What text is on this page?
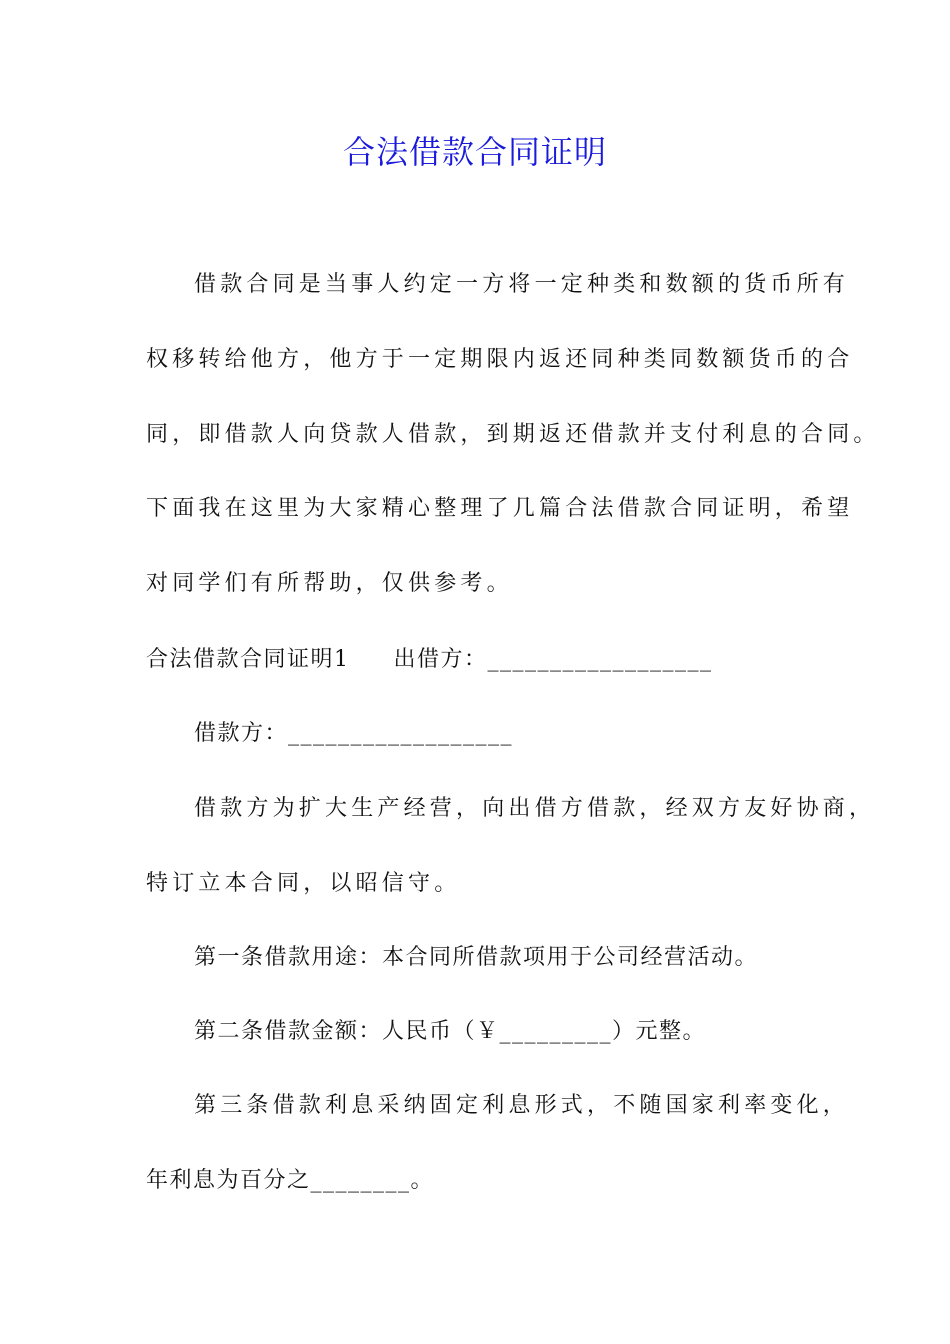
合法借款合同证明
借款合同是当事人约定一方将一定种类和数额的货币所有
权移转给他方，他方于一定期限内返还同种类同数额货币的合
同，即借款人向贷款人借款，到期返还借款并支付利息的合同。
下面我在这里为大家精心整理了几篇合法借款合同证明，希望
对同学们有所帮助，仅供参考。
合法借款合同证明1 出借方：__________________
借款方：__________________
借款方为扩大生产经营，向出借方借款，经双方友好协商，
特订立本合同，以昭信守。
第一条借款用途：本合同所借款项用于公司经营活动。
第二条借款金额：人民币（￥_________）元整。
第三条借款利息采纳固定利息形式，不随国家利率变化，
年利息为百分之________。
